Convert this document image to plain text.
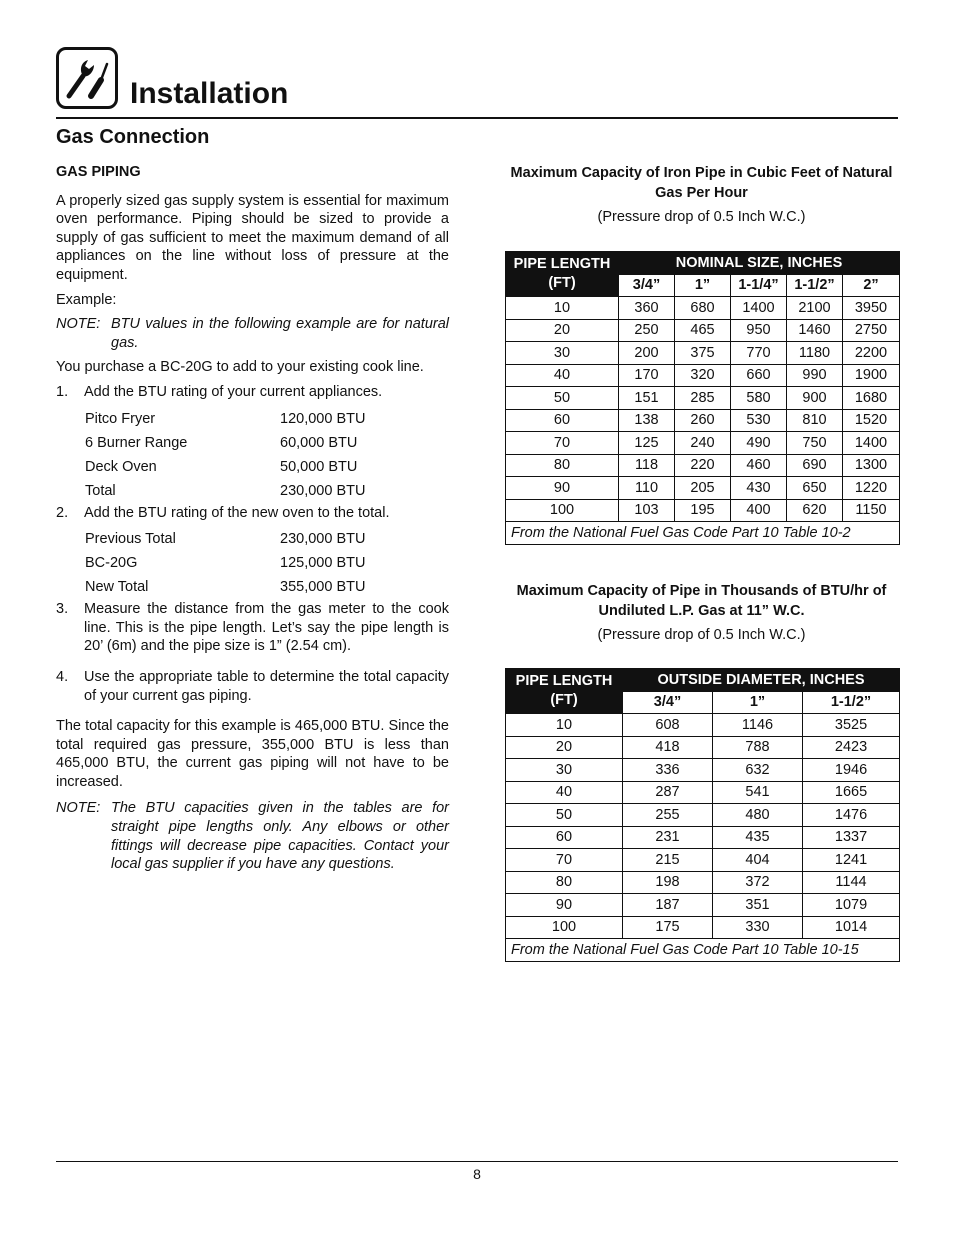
Installation
Gas Connection

GAS PIPING

A properly sized gas supply system is essential for maximum oven performance. Piping should be sized to provide a supply of gas sufficient to meet the maximum demand of all appliances on the line without loss of pressure at the equipment.

Example:

NOTE: BTU values in the following example are for natural gas.

You purchase a BC-20G to add to your existing cook line.

1.	Add the BTU rating of your current appliances.
Pitco Fryer	120,000 BTU
6 Burner Range	60,000 BTU
Deck Oven	50,000 BTU
Total	230,000 BTU
2.	Add the BTU rating of the new oven to the total.
Previous Total	230,000 BTU
BC-20G	125,000 BTU
New Total	355,000 BTU
3.	Measure the distance from the gas meter to the cook line. This is the pipe length. Let’s say the pipe length is 20’ (6m) and the pipe size is 1” (2.54 cm).
4.	Use the appropriate table to determine the total capacity of your current gas piping.

The total capacity for this example is 465,000 BTU. Since the total required gas pressure, 355,000 BTU is less than 465,000 BTU, the current gas piping will not have to be increased.

NOTE: The BTU capacities given in the tables are for straight pipe lengths only. Any elbows or other fittings will decrease pipe capacities. Contact your local gas supplier if you have any questions.
Maximum Capacity of Iron Pipe in Cubic Feet of Natural Gas Per Hour
(Pressure drop of 0.5 Inch W.C.)
PIPE LENGTH (FT)	NOMINAL SIZE, INCHES				
	3/4”	1”	1-1/4”	1-1/2”	2”
10	360	680	1400	2100	3950
20	250	465	950	1460	2750
30	200	375	770	1180	2200
40	170	320	660	990	1900
50	151	285	580	900	1680
60	138	260	530	810	1520
70	125	240	490	750	1400
80	118	220	460	690	1300
90	110	205	430	650	1220
100	103	195	400	620	1150
From the National Fuel Gas Code Part 10 Table 10-2					
Maximum Capacity of Pipe in Thousands of BTU/hr of Undiluted L.P. Gas at 11” W.C.
(Pressure drop of 0.5 Inch W.C.)
PIPE LENGTH (FT)	OUTSIDE DIAMETER, INCHES		
	3/4”	1”	1-1/2”
10	608	1146	3525
20	418	788	2423
30	336	632	1946
40	287	541	1665
50	255	480	1476
60	231	435	1337
70	215	404	1241
80	198	372	1144
90	187	351	1079
100	175	330	1014
From the National Fuel Gas Code Part 10 Table 10-15			
8
